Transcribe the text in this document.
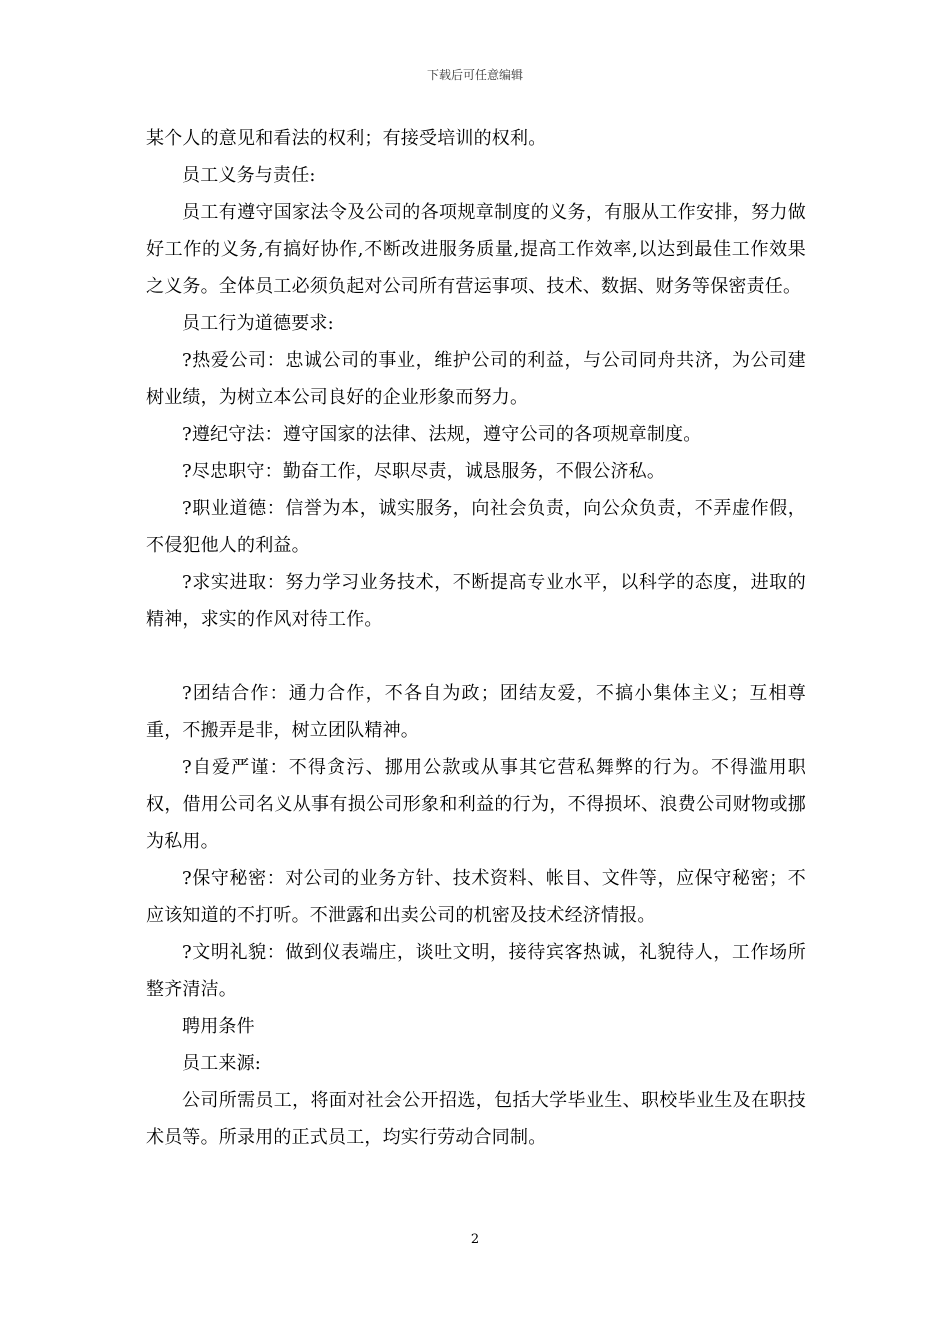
下载后可任意编辑

某个人的意见和看法的权利；有接受培训的权利。

员工义务与责任:

员工有遵守国家法令及公司的各项规章制度的义务，有服从工作安排，努力做好工作的义务,有搞好协作,不断改进服务质量,提高工作效率,以达到最佳工作效果之义务。全体员工必须负起对公司所有营运事项、技术、数据、财务等保密责任。

员工行为道德要求:

?热爱公司：忠诚公司的事业，维护公司的利益，与公司同舟共济，为公司建树业绩，为树立本公司良好的企业形象而努力。

?遵纪守法：遵守国家的法律、法规，遵守公司的各项规章制度。

?尽忠职守：勤奋工作，尽职尽责，诚恳服务，不假公济私。

?职业道德：信誉为本，诚实服务，向社会负责，向公众负责，不弄虚作假，不侵犯他人的利益。

?求实进取：努力学习业务技术，不断提高专业水平，以科学的态度，进取的精神，求实的作风对待工作。

?团结合作：通力合作，不各自为政；团结友爱，不搞小集体主义；互相尊重，不搬弄是非，树立团队精神。

?自爱严谨：不得贪污、挪用公款或从事其它营私舞弊的行为。不得滥用职权，借用公司名义从事有损公司形象和利益的行为，不得损坏、浪费公司财物或挪为私用。

?保守秘密：对公司的业务方针、技术资料、帐目、文件等，应保守秘密；不应该知道的不打听。不泄露和出卖公司的机密及技术经济情报。

?文明礼貌：做到仪表端庄，谈吐文明，接待宾客热诚，礼貌待人，工作场所整齐清洁。

聘用条件

员工来源:

公司所需员工，将面对社会公开招选，包括大学毕业生、职校毕业生及在职技术员等。所录用的正式员工，均实行劳动合同制。

2
